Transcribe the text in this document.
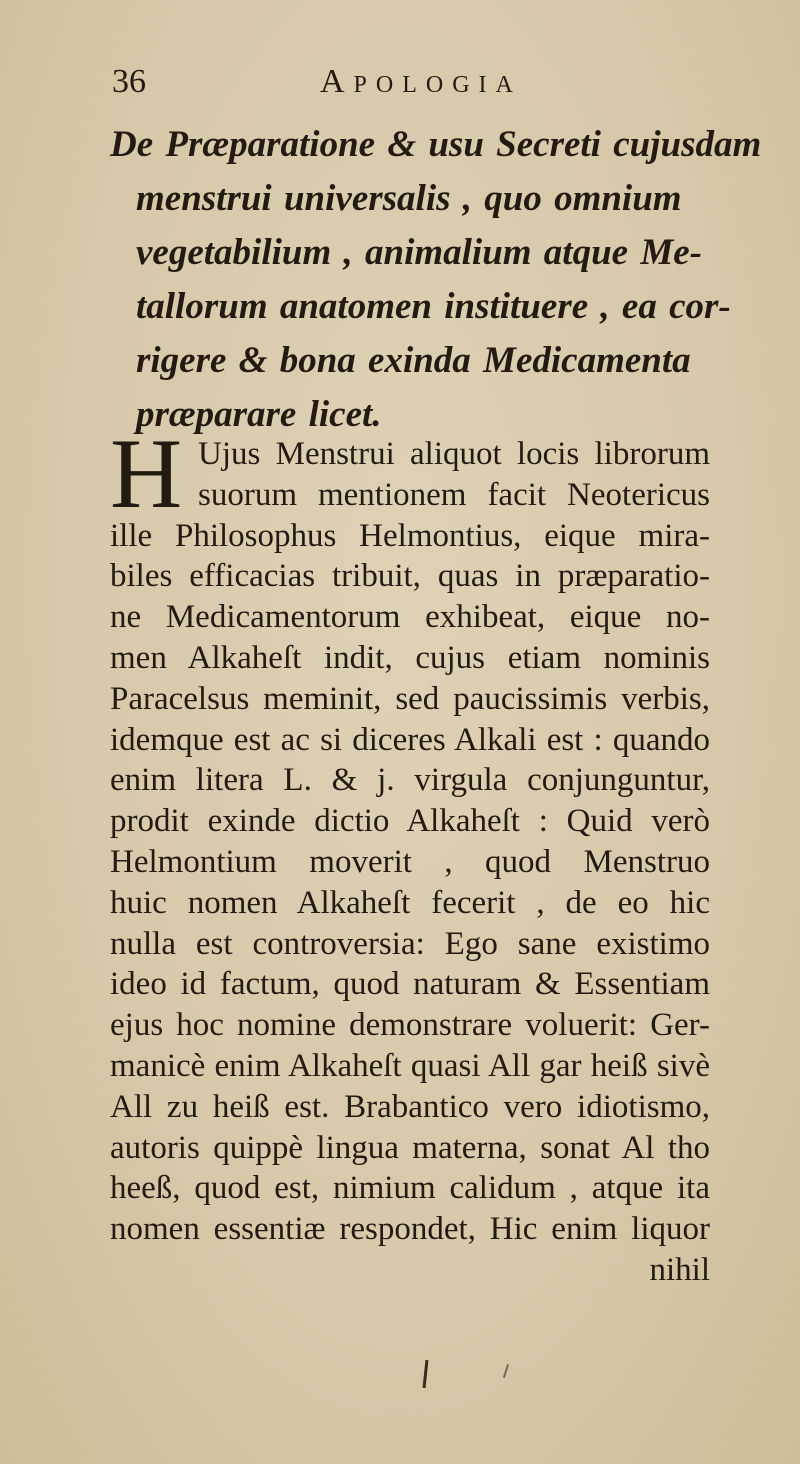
36	Apologia
De Præparatione & usu Secreti cujusdam
menstrui universalis , quo omnium
vegetabilium , animalium atque Me-
tallorum anatomen instituere , ea cor-
rigere & bona exinda Medicamenta
præparare licet.
H Ujus Menstrui aliquot locis librorum
suorum mentionem facit Neotericus
ille Philosophus Helmontius, eique mira-
biles efficacias tribuit, quas in præparatio-
ne Medicamentorum exhibeat, eique no-
men Alkaheſt indit, cujus etiam nominis
Paracelsus meminit, sed paucissimis verbis,
idemque est ac si diceres Alkali est : quando
enim litera L. & j. virgula conjunguntur,
prodit exinde dictio Alkaheſt : Quid verò
Helmontium moverit , quod Menstruo
huic nomen Alkaheſt fecerit , de eo hic
nulla est controversia: Ego sane existimo
ideo id factum, quod naturam & Essentiam
ejus hoc nomine demonstrare voluerit: Ger-
manicè enim Alkaheſt quasi All gar heiß sivè
All zu heiß est. Brabantico vero idiotismo,
autoris quippè lingua materna, sonat Al tho
heeß, quod est, nimium calidum , atque ita
nomen essentiæ respondet, Hic enim liquor
nihil
